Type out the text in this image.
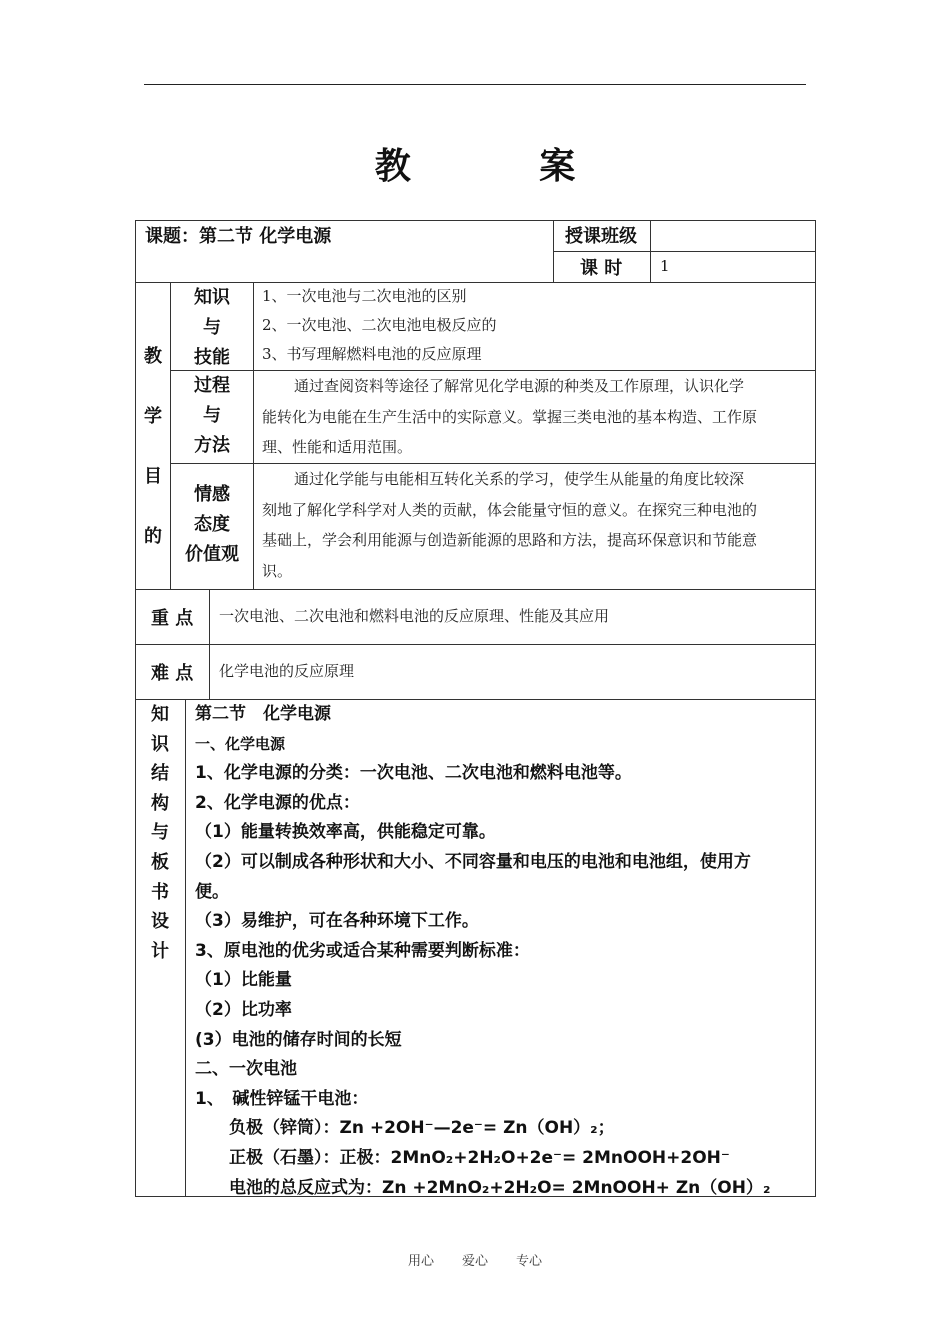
教 案
课题：第二节 化学电源	授课班级
课 时	1
教
学
目
的
知识
与
技能
1、一次电池与二次电池的区别
2、一次电池、二次电池电极反应的
3、书写理解燃料电池的反应原理
过程
与
方法
通过查阅资料等途径了解常见化学电源的种类及工作原理，认识化学
能转化为电能在生产生活中的实际意义。掌握三类电池的基本构造、工作原
理、性能和适用范围。
情感
态度
价值观
通过化学能与电能相互转化关系的学习，使学生从能量的角度比较深
刻地了解化学科学对人类的贡献，体会能量守恒的意义。在探究三种电池的
基础上，学会利用能源与创造新能源的思路和方法，提高环保意识和节能意
识。
重 点 一次电池、二次电池和燃料电池的反应原理、性能及其应用
难 点 化学电池的反应原理
知
识
结
构
与
板
书
设
计
第二节　化学电源
一、化学电源
1、化学电源的分类：一次电池、二次电池和燃料电池等。
2、化学电源的优点：
（1）能量转换效率高，供能稳定可靠。
（2）可以制成各种形状和大小、不同容量和电压的电池和电池组，使用方
便。
（3）易维护，可在各种环境下工作。
3、原电池的优劣或适合某种需要判断标准：
（1）比能量
（2）比功率
(3）电池的储存时间的长短
二、一次电池
1、　碱性锌锰干电池：
　　负极（锌筒）：Zn +2OH⁻—2e⁻= Zn（OH）₂；
　　正极（石墨）：正极：2MnO₂+2H₂O+2e⁻= 2MnOOH+2OH⁻
　　电池的总反应式为：Zn +2MnO₂+2H₂O= 2MnOOH+ Zn（OH）₂
用心 爱心 专心
